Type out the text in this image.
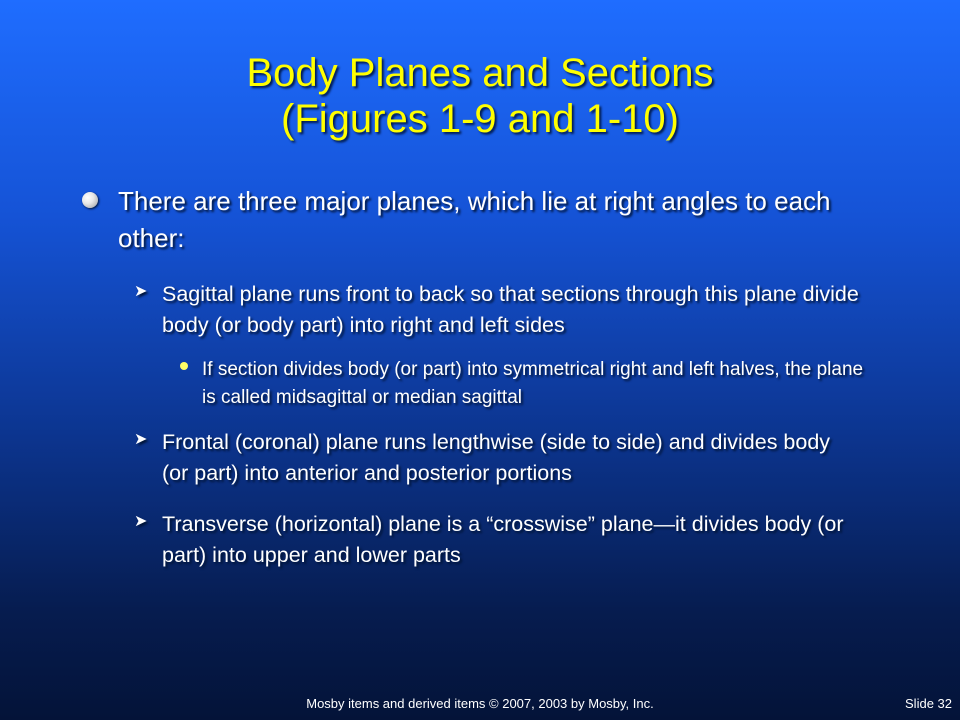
Body Planes and Sections
(Figures 1-9 and 1-10)
There are three major planes, which lie at right angles to each other:
➤ Sagittal plane runs front to back so that sections through this plane divide body (or body part) into right and left sides
If section divides body (or part) into symmetrical right and left halves, the plane is called midsagittal or median sagittal
➤ Frontal (coronal) plane runs lengthwise (side to side) and divides body (or part) into anterior and posterior portions
➤ Transverse (horizontal) plane is a “crosswise” plane—it divides body (or part) into upper and lower parts
Mosby items and derived items © 2007, 2003 by Mosby, Inc.	Slide 32
